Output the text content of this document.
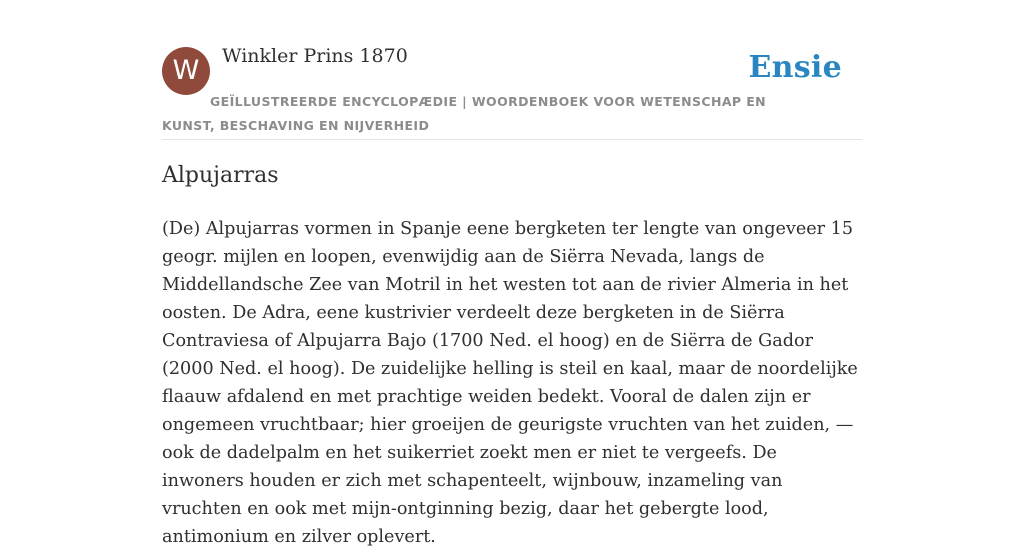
W	Winkler Prins 1870
GEÏLLUSTREERDE ENCYCLOPÆDIE | WOORDENBOEK VOOR WETENSCHAP EN KUNST, BESCHAVING EN NIJVERHEID
Ensie
Alpujarras

(De) Alpujarras vormen in Spanje eene bergketen ter lengte van ongeveer 15 geogr. mijlen en loopen, evenwijdig aan de Siërra Nevada, langs de Middellandsche Zee van Motril in het westen tot aan de rivier Almeria in het oosten. De Adra, eene kustrivier verdeelt deze bergketen in de Siërra Contraviesa of Alpujarra Bajo (1700 Ned. el hoog) en de Siërra de Gador (2000 Ned. el hoog). De zuidelijke helling is steil en kaal, maar de noordelijke flaauw afdalend en met prachtige weiden bedekt. Vooral de dalen zijn er ongemeen vruchtbaar; hier groeijen de geurigste vruchten van het zuiden, — ook de dadelpalm en het suikerriet zoekt men er niet te vergeefs. De inwoners houden er zich met schapenteelt, wijnbouw, inzameling van vruchten en ook met mijn-ontginning bezig, daar het gebergte lood, antimonium en zilver oplevert.
